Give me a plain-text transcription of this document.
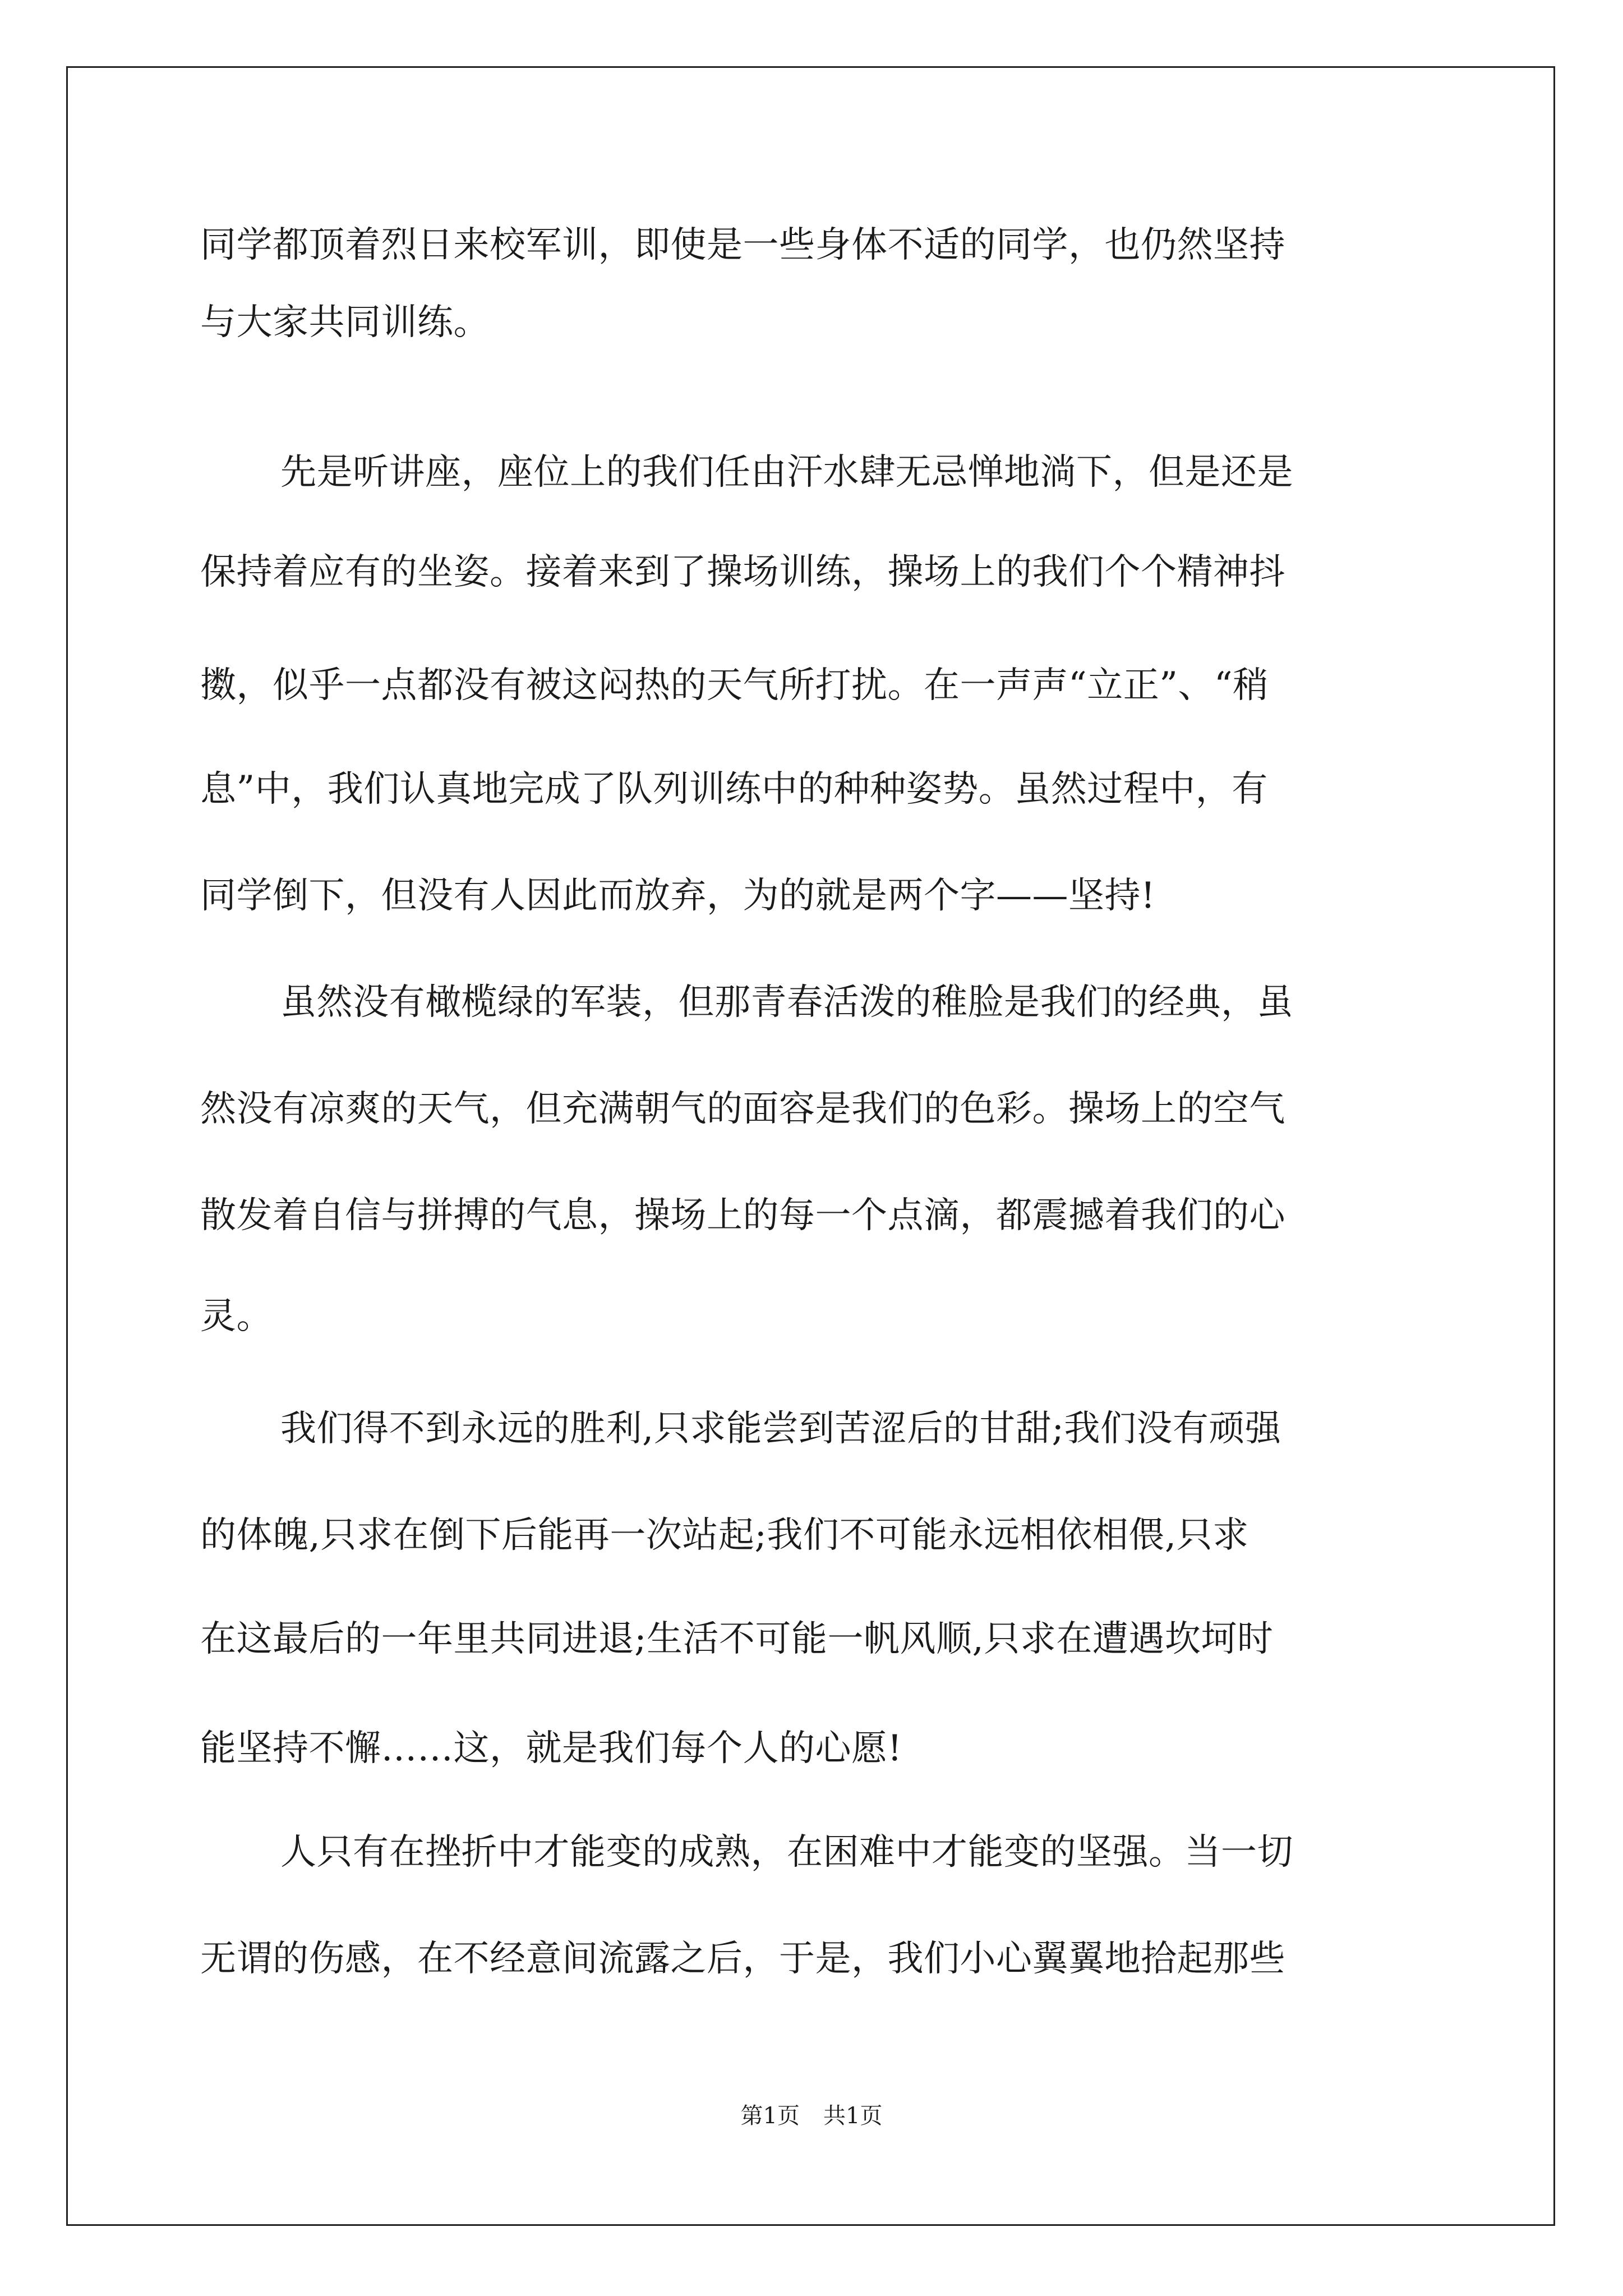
同学都顶着烈日来校军训，即使是一些身体不适的同学，也仍然坚持
与大家共同训练。
先是听讲座，座位上的我们任由汗水肆无忌惮地淌下，但是还是
保持着应有的坐姿。接着来到了操场训练，操场上的我们个个精神抖
擞，似乎一点都没有被这闷热的天气所打扰。在一声声“立正”、“稍
息”中，我们认真地完成了队列训练中的种种姿势。虽然过程中，有
同学倒下，但没有人因此而放弃，为的就是两个字——坚持!
虽然没有橄榄绿的军装，但那青春活泼的稚脸是我们的经典，虽
然没有凉爽的天气，但充满朝气的面容是我们的色彩。操场上的空气
散发着自信与拼搏的气息，操场上的每一个点滴，都震撼着我们的心
灵。
我们得不到永远的胜利,只求能尝到苦涩后的甘甜;我们没有顽强
的体魄,只求在倒下后能再一次站起;我们不可能永远相依相偎,只求
在这最后的一年里共同进退;生活不可能一帆风顺,只求在遭遇坎坷时
能坚持不懈……这，就是我们每个人的心愿!
人只有在挫折中才能变的成熟，在困难中才能变的坚强。当一切
无谓的伤感，在不经意间流露之后，于是，我们小心翼翼地拾起那些
第1页 共1页
